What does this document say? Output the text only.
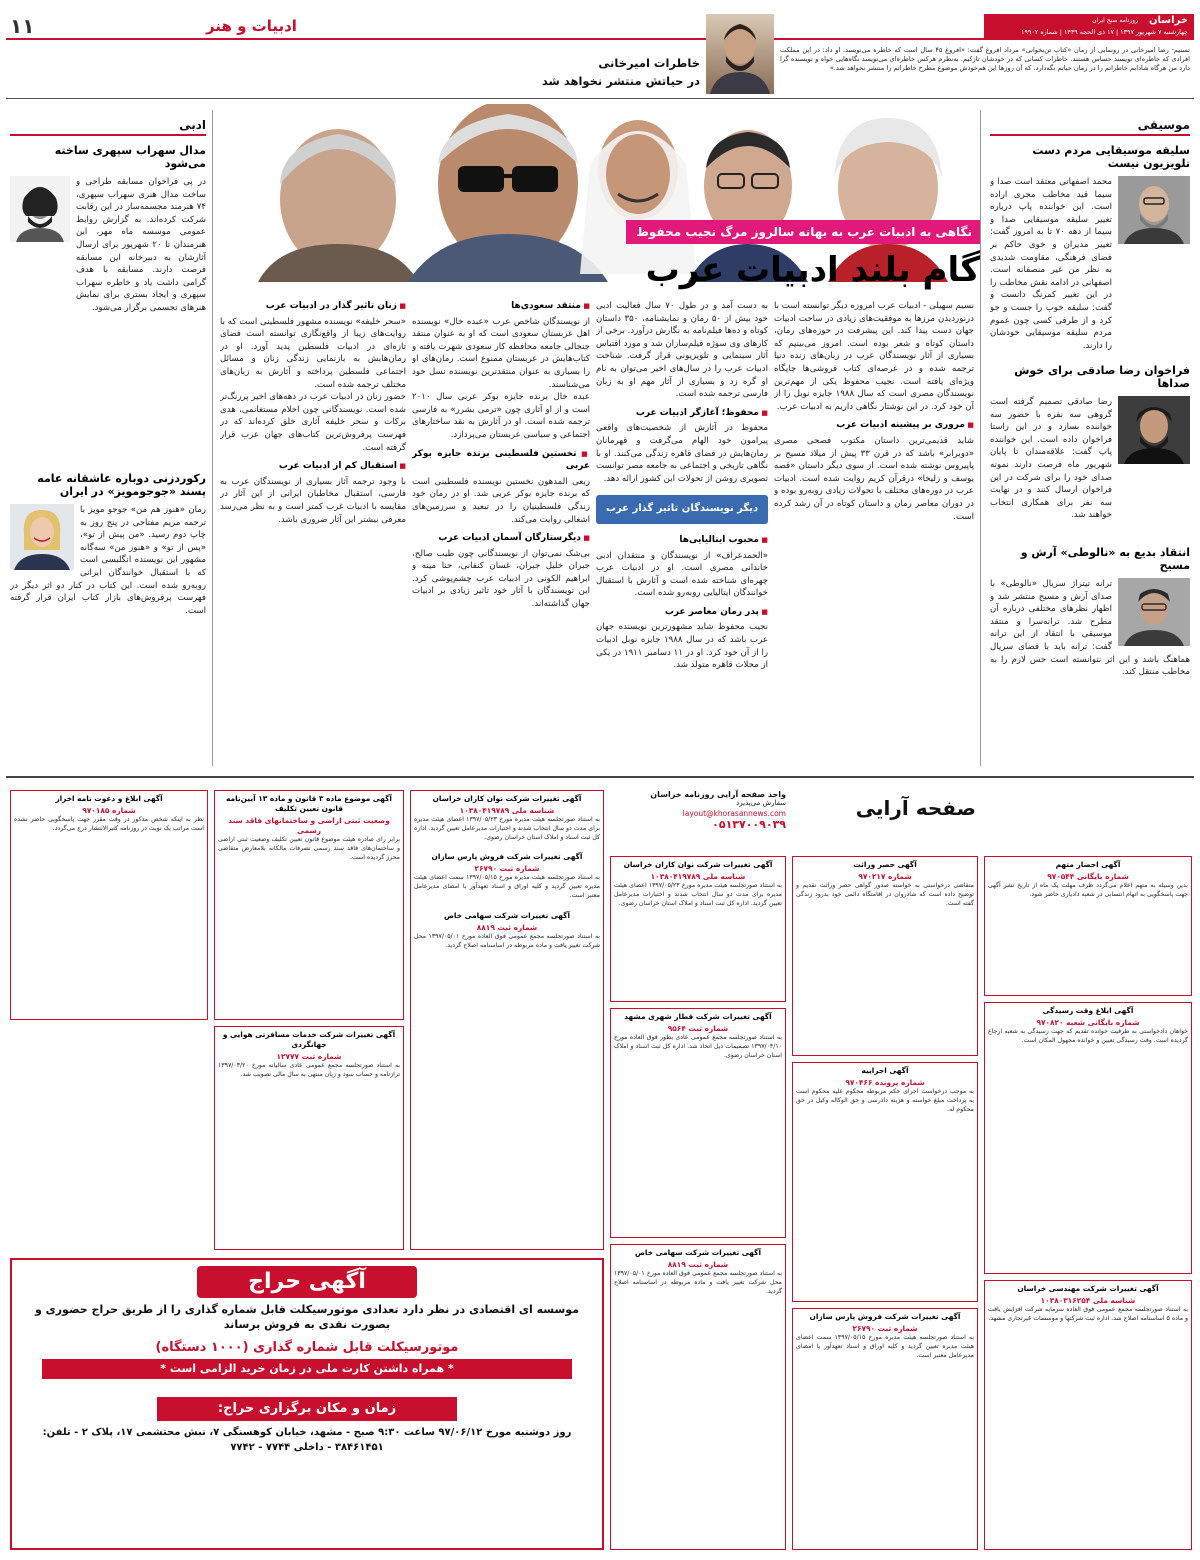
۱۱	ادبیات و هنر	خراسان
روزنامه صبح ایران
چهارشنبه ۷ شهریور ۱۳۹۷ | ۱۷ ذی الحجه ۱۴۳۹ | شماره ۱۹۹۰۲
خاطرات امیرخانی
در حیاتش منتشر نخواهد شد
تسنیم- رضا امیرخانی در رونمایی از رمان «کتابِ تن‌بخوانی» مرداد افروغ گفت: «افروغ ۴۵ سال است که خاطره می‌نویسد. او داد: در این مملکت افرادی که خاطره‌ای نویسند حساس هستند. خاطرات کسانی که در خودشان تازکیم. به‌نظرم هرکس خاطره‌ای می‌نویسد نگاه‌هایی خواه و نویسنده گرا دارد من هرگاه شادابم خاطراتم را در زمان حیاتم نگه‌دارد. که آن روزها این هم‌خودش موضوع مطرح خاطراتم را منتشر نخواهد شد.»
موسیقی
سلیقه موسیقایی مردم دست تلویزیون نیست
محمد اصفهانی معتقد است صدا و سیما قید مخاطب مجری اراده است. این خواننده پاپ درباره تغییر سلیقه موسیقایی صدا و سیما از دهه ۷۰ تا به امروز گفت: تغییر مدیران و خوی حاکم بر فضای فرهنگی، مقاومت شدیدی به نظر من غیر منصفانه است. اصفهانی در ادامه نقش مخاطب را در این تغییر کمرنگ دانست و گفت: سلیقه خوب را جست و جو کرد و از طرفی کسی چون عموم مردم سلیقه موسیقایی خودشان را دارند.
فراخوان رضا صادقی برای خوش صداها
رضا صادقی تصمیم گرفته است گروهی سه نفره با حضور سه خواننده بسازد و در این راستا فراخوان داده است. این خواننده پاپ گفت: علاقه‌مندان تا پایان شهریور ماه فرصت دارند نمونه صدای خود را برای شرکت در این فراخوان ارسال کنند و در نهایت سه نفر برای همکاری انتخاب خواهند شد.
انتقاد بدیع به «نالوطی» آرش و مسیح
ترانه تیتراژ سریال «نالوطی» با صدای آرش و مسیح منتشر شد و اظهار نظرهای مختلفی درباره آن مطرح شد. ترانه‌سرا و منتقد موسیقی با انتقاد از این ترانه گفت: ترانه باید با فضای سریال هماهنگ باشد و این اثر نتوانسته است حس لازم را به مخاطب منتقل کند.
ادبی
مدال سهراب سپهری ساخته می‌شود
در پی فراخوان مسابقه طراحی و ساخت مدال هنری سهراب سپهری، ۷۴ هنرمند مجسمه‌ساز در این رقابت شرکت کرده‌اند. به گزارش روابط عمومی موسسه ماه مهر، این هنرمندان تا ۲۰ شهریور برای ارسال آثارشان به دبیرخانه این مسابقه فرصت دارند. مسابقه با هدف گرامی داشت یاد و خاطره سهراب سپهری و ایجاد بستری برای نمایش هنرهای تجسمی برگزار می‌شود.
رکوردزنی دوباره عاشقانه عامه پسند «جوجومویز» در ایران
رمان «هنوز هم من» جوجو مویز با ترجمه مریم مفتاحی در پنج روز به چاپ دوم رسید. «من پیش از تو»، «پس از تو» و «هنوز من» سه‌گانه مشهور این نویسنده انگلیسی است که با استقبال خوانندگان ایرانی روبه‌رو شده است. این کتاب در کنار دو اثر دیگر در فهرست پرفروش‌های بازار کتاب ایران قرار گرفته است.
نگاهی به ادبیات عرب به بهانه سالروز مرگ نجیب محفوظ
گام بلند ادبیات عرب
نسیم سهیلی - ادبیات عرب امروزه دیگر توانسته است با درنوردیدن مرزها به موفقیت‌های زیادی در ساحت ادبیات جهان دست پیدا کند. این پیشرفت در حوزه‌های رمان، داستان کوتاه و شعر بوده است. امروز می‌بینیم که بسیاری از آثار نویسندگان عرب در زبان‌های زنده دنیا ترجمه شده و در عرصه‌ای کتاب فروشی‌ها جایگاه ویژه‌ای یافته است. نجیب محفوظ یکی از مهم‌ترین نویسندگان مصری است که سال ۱۹۸۸ جایزه نوبل را از آن خود کرد. در این نوشتار نگاهی داریم به ادبیات عرب.
■ مروری بر پیشینه ادبیات عرب
شاید قدیمی‌ترین داستان مکتوب فصحی مصری «دوبرابر» باشد که در قرن ۳۳ پیش از میلاد مسیح بر پاپیروس نوشته شده است. از سوی دیگر داستان «قصه یوسف و زلیخا» درقرآن کریم روایت شده است. ادبیات عرب در دوره‌های مختلف با تحولات زیادی روبه‌رو بوده و در دوران معاصر رمان و داستان کوتاه در آن رشد کرده است.
به دست آمد و در طول ۷۰ سال فعالیت ادبی خود بیش از ۵۰ رمان و نمایشنامه، ۳۵۰ داستان کوتاه و ده‌ها فیلم‌نامه به نگارش درآورد. برخی از کارهای وی سوژه فیلم‌سازان شد و مورد اقتباس آثار سینمایی و تلویزیونی قرار گرفت. شناخت ادبیات عرب را در سال‌های اخیر می‌توان به نام او گره زد و بسیاری از آثار مهم او به زبان فارسی ترجمه شده است.
■ محفوظ؛ آغازگر ادبیات عرب
محفوظ در آثارش از شخصیت‌های واقعی پیرامون خود الهام می‌گرفت و قهرمانان رمان‌هایش در فضای قاهره زندگی می‌کنند. او با نگاهی تاریخی و اجتماعی به جامعه مصر توانست تصویری روشن از تحولات این کشور ارائه دهد.
دیگر نویسندگان تاثیر گذار عرب
■ محبوب ایتالیایی‌ها
«الحمدعراف» از نویسندگان و منتقدان ادبی خاندانی مصری است. او در ادبیات عرب چهره‌ای شناخته شده است و آثارش با استقبال خوانندگان ایتالیایی روبه‌رو شده است.
■ پدر رمان معاصر عرب
نجیب محفوظ شاید مشهورترین نویسنده جهان عرب باشد که در سال ۱۹۸۸ جایزه نوبل ادبیات را از آن خود کرد. او در ۱۱ دسامبر ۱۹۱۱ در یکی از محلات قاهره متولد شد.
■ منتقد سعودی‌ها
از نویسندگان شاخص عرب «عبده خال» نویسنده اهل عربستان سعودی است که او به عنوان منتقد جنجالی جامعه محافظه کار سعودی شهرت یافته و کتاب‌هایش در عربستان ممنوع است. رمان‌های او را بسیاری به عنوان منتقدترین نویسنده نسل خود می‌شناسند.
عبده خال برنده جایزه بوکر عربی سال ۲۰۱۰ است و از او آثاری چون «ترمی بشرر» به فارسی ترجمه شده است. او در آثارش به نقد ساختارهای اجتماعی و سیاسی عربستان می‌پردازد.
■ تخستین فلسطینی برنده جایزه بوکر عربی
ربعی المدهون نخستین نویسنده فلسطینی است که برنده جایزه بوکر عربی شد. او در رمان خود زندگی فلسطینیان را در تبعید و سرزمین‌های اشغالی روایت می‌کند.
■ دیگرستارگان آسمان ادبیات عرب
بی‌شک نمی‌توان از نویسندگانی چون طیب صالح، جبران خلیل جبران، غسان کنفانی، حنا مینه و ابراهیم الکونی در ادبیات عرب چشم‌پوشی کرد. این نویسندگان با آثار خود تاثیر زیادی بر ادبیات جهان گذاشته‌اند.
■ زنان تاثیر گذار در ادبیات عرب
«سحر خلیفه» نویسنده مشهور فلسطینی است که با روایت‌های زیبا از واقع‌نگاری توانسته است فضای تازه‌ای در ادبیات فلسطین پدید آورد. او در رمان‌هایش به بازنمایی زندگی زنان و مسائل اجتماعی فلسطین پرداخته و آثارش به زبان‌های مختلف ترجمه شده است.
حضور زنان در ادبیات عرب در دهه‌های اخیر پررنگ‌تر شده است. نویسندگانی چون احلام مستغانمی، هدی برکات و سحر خلیفه آثاری خلق کرده‌اند که در فهرست پرفروش‌ترین کتاب‌های جهان عرب قرار گرفته است.
■ استقبال کم از ادبیات عرب
با وجود ترجمه آثار بسیاری از نویسندگان عرب به فارسی، استقبال مخاطبان ایرانی از این آثار در مقایسه با ادبیات غرب کمتر است و به نظر می‌رسد معرفی بیشتر این آثار ضروری باشد.
صفحه آرایی
واحد صفحه آرایی روزنامه خراسان
سفارش می‌پذیرد
layout@khorasannews.com
۰۵۱۳۷۰۰۹۰۳۹
آگهی تغییرات شرکت نوان کاران خراسان
شناسه ملی ۱۰۳۸۰۴۱۹۷۸۹
به استناد صورتجلسه هیئت مدیره مورخ ۱۳۹۷/۰۵/۲۳ اعضای هیئت مدیره برای مدت دو سال انتخاب شدند و اختیارات مدیرعامل تعیین گردید. اداره کل ثبت اسناد و املاک استان خراسان رضوی.
آگهی تغییرات شرکت قطار شهری مشهد
شماره ثبت ۹۵۶۴
به استناد صورتجلسه مجمع عمومی عادی بطور فوق العاده مورخ ۱۳۹۷/۰۴/۱۰ تصمیمات ذیل اتخاذ شد. اداره کل ثبت اسناد و املاک استان خراسان رضوی.
آگهی تغییرات شرکت سهامی خاص
شماره ثبت ۸۸۱۹
به استناد صورتجلسه مجمع عمومی فوق العاده مورخ ۱۳۹۷/۰۵/۰۱ محل شرکت تغییر یافت و ماده مربوطه در اساسنامه اصلاح گردید.
آگهی احضار متهم
شماره بایگانی ۹۷۰۵۴۴
بدین وسیله به متهم اعلام می‌گردد ظرف مهلت یک ماه از تاریخ نشر آگهی جهت پاسخگویی به اتهام انتسابی در شعبه دادیاری حاضر شود.
آگهی ابلاغ وقت رسیدگی
شماره بایگانی شعبه ۹۷۰۸۲۰
خواهان دادخواستی به طرفیت خوانده تقدیم که جهت رسیدگی به شعبه ارجاع گردیده است. وقت رسیدگی تعیین و خوانده مجهول المکان است.
آگهی تغییرات شرکت مهندسی خراسان
شناسه ملی ۱۰۳۸۰۳۱۶۲۵۴
به استناد صورتجلسه مجمع عمومی فوق العاده سرمایه شرکت افزایش یافت و ماده ۵ اساسنامه اصلاح شد. اداره ثبت شرکتها و موسسات غیرتجاری مشهد.
آگهی حصر وراثت
شماره ۹۷۰۲۱۷
متقاضی درخواستی به خواسته صدور گواهی حصر وراثت تقدیم و توضیح داده است که شادروان در اقامتگاه دائمی خود بدرود زندگی گفته است.
آگهی اجراییه
شماره پرونده ۹۷۰۴۶۶
به موجب درخواست اجرای حکم مربوطه محکوم علیه محکوم است به پرداخت مبلغ خواسته و هزینه دادرسی و حق الوکاله وکیل در حق محکوم له.
آگهی تغییرات شرکت فروش پارس سازان
شماره ثبت ۲۶۷۹۰
به استناد صورتجلسه هیئت مدیره مورخ ۱۳۹۷/۰۵/۱۵ سمت اعضای هیئت مدیره تعیین گردید و کلیه اوراق و اسناد تعهدآور با امضای مدیرعامل معتبر است.
آگهی موضوع ماده ۳ قانون و ماده ۱۳ آیین‌نامه قانون تعیین تکلیف
وضعیت ثبتی اراضی و ساختمانهای فاقد سند رسمی
برابر رای صادره هیئت موضوع قانون تعیین تکلیف وضعیت ثبتی اراضی و ساختمان‌های فاقد سند رسمی تصرفات مالکانه بلامعارض متقاضی محرز گردیده است.
آگهی تغییرات شرکت خدمات مسافرتی هوایی و جهانگردی
شماره ثبت ۱۲۷۷۷
به استناد صورتجلسه مجمع عمومی عادی سالیانه مورخ ۱۳۹۷/۰۳/۲۰ ترازنامه و حساب سود و زیان منتهی به سال مالی تصویب شد.
آگهی ابلاغ و دعوت نامه اخراز
شماره ۹۷۰۱۸۵
نظر به اینکه شخص مذکور در وقت مقرر جهت پاسخگویی حاضر نشده است مراتب یک نوبت در روزنامه کثیرالانتشار درج می‌گردد.
آگهی تغییرات شرکت نوان کاران خراسان
شناسه ملی ۱۰۳۸۰۴۱۹۷۸۹
به استناد صورتجلسه هیئت مدیره مورخ ۱۳۹۷/۰۵/۲۳ اعضای هیئت مدیره برای مدت دو سال انتخاب شدند و اختیارات مدیرعامل تعیین گردید. اداره کل ثبت اسناد و املاک استان خراسان رضوی.
آگهی تغییرات شرکت فروش پارس سازان
شماره ثبت ۲۶۷۹۰
به استناد صورتجلسه هیئت مدیره مورخ ۱۳۹۷/۰۵/۱۵ سمت اعضای هیئت مدیره تعیین گردید و کلیه اوراق و اسناد تعهدآور با امضای مدیرعامل معتبر است.
آگهی تغییرات شرکت سهامی خاص
شماره ثبت ۸۸۱۹
به استناد صورتجلسه مجمع عمومی فوق العاده مورخ ۱۳۹۷/۰۵/۰۱ محل شرکت تغییر یافت و ماده مربوطه در اساسنامه اصلاح گردید.
آگهی حراج
موسسه ای اقتصادی در نظر دارد تعدادی موتورسیکلت قابل شماره گذاری را از طریق حراج حضوری و بصورت نقدی به فروش برساند
موتورسیکلت قابل شماره گذاری (۱۰۰۰ دستگاه)
* همراه داشتن کارت ملی در زمان خرید الزامی است *
زمان و مکان برگزاری حراج:
روز دوشنبه مورخ ۹۷/۰۶/۱۲ ساعت ۹:۳۰ صبح - مشهد، خیابان کوهسنگی ۷، نبش محتشمی ۱۷، پلاک ۲ - تلفن: ۳۸۴۶۱۴۵۱ - داخلی ۷۷۴۴ - ۷۷۴۲
